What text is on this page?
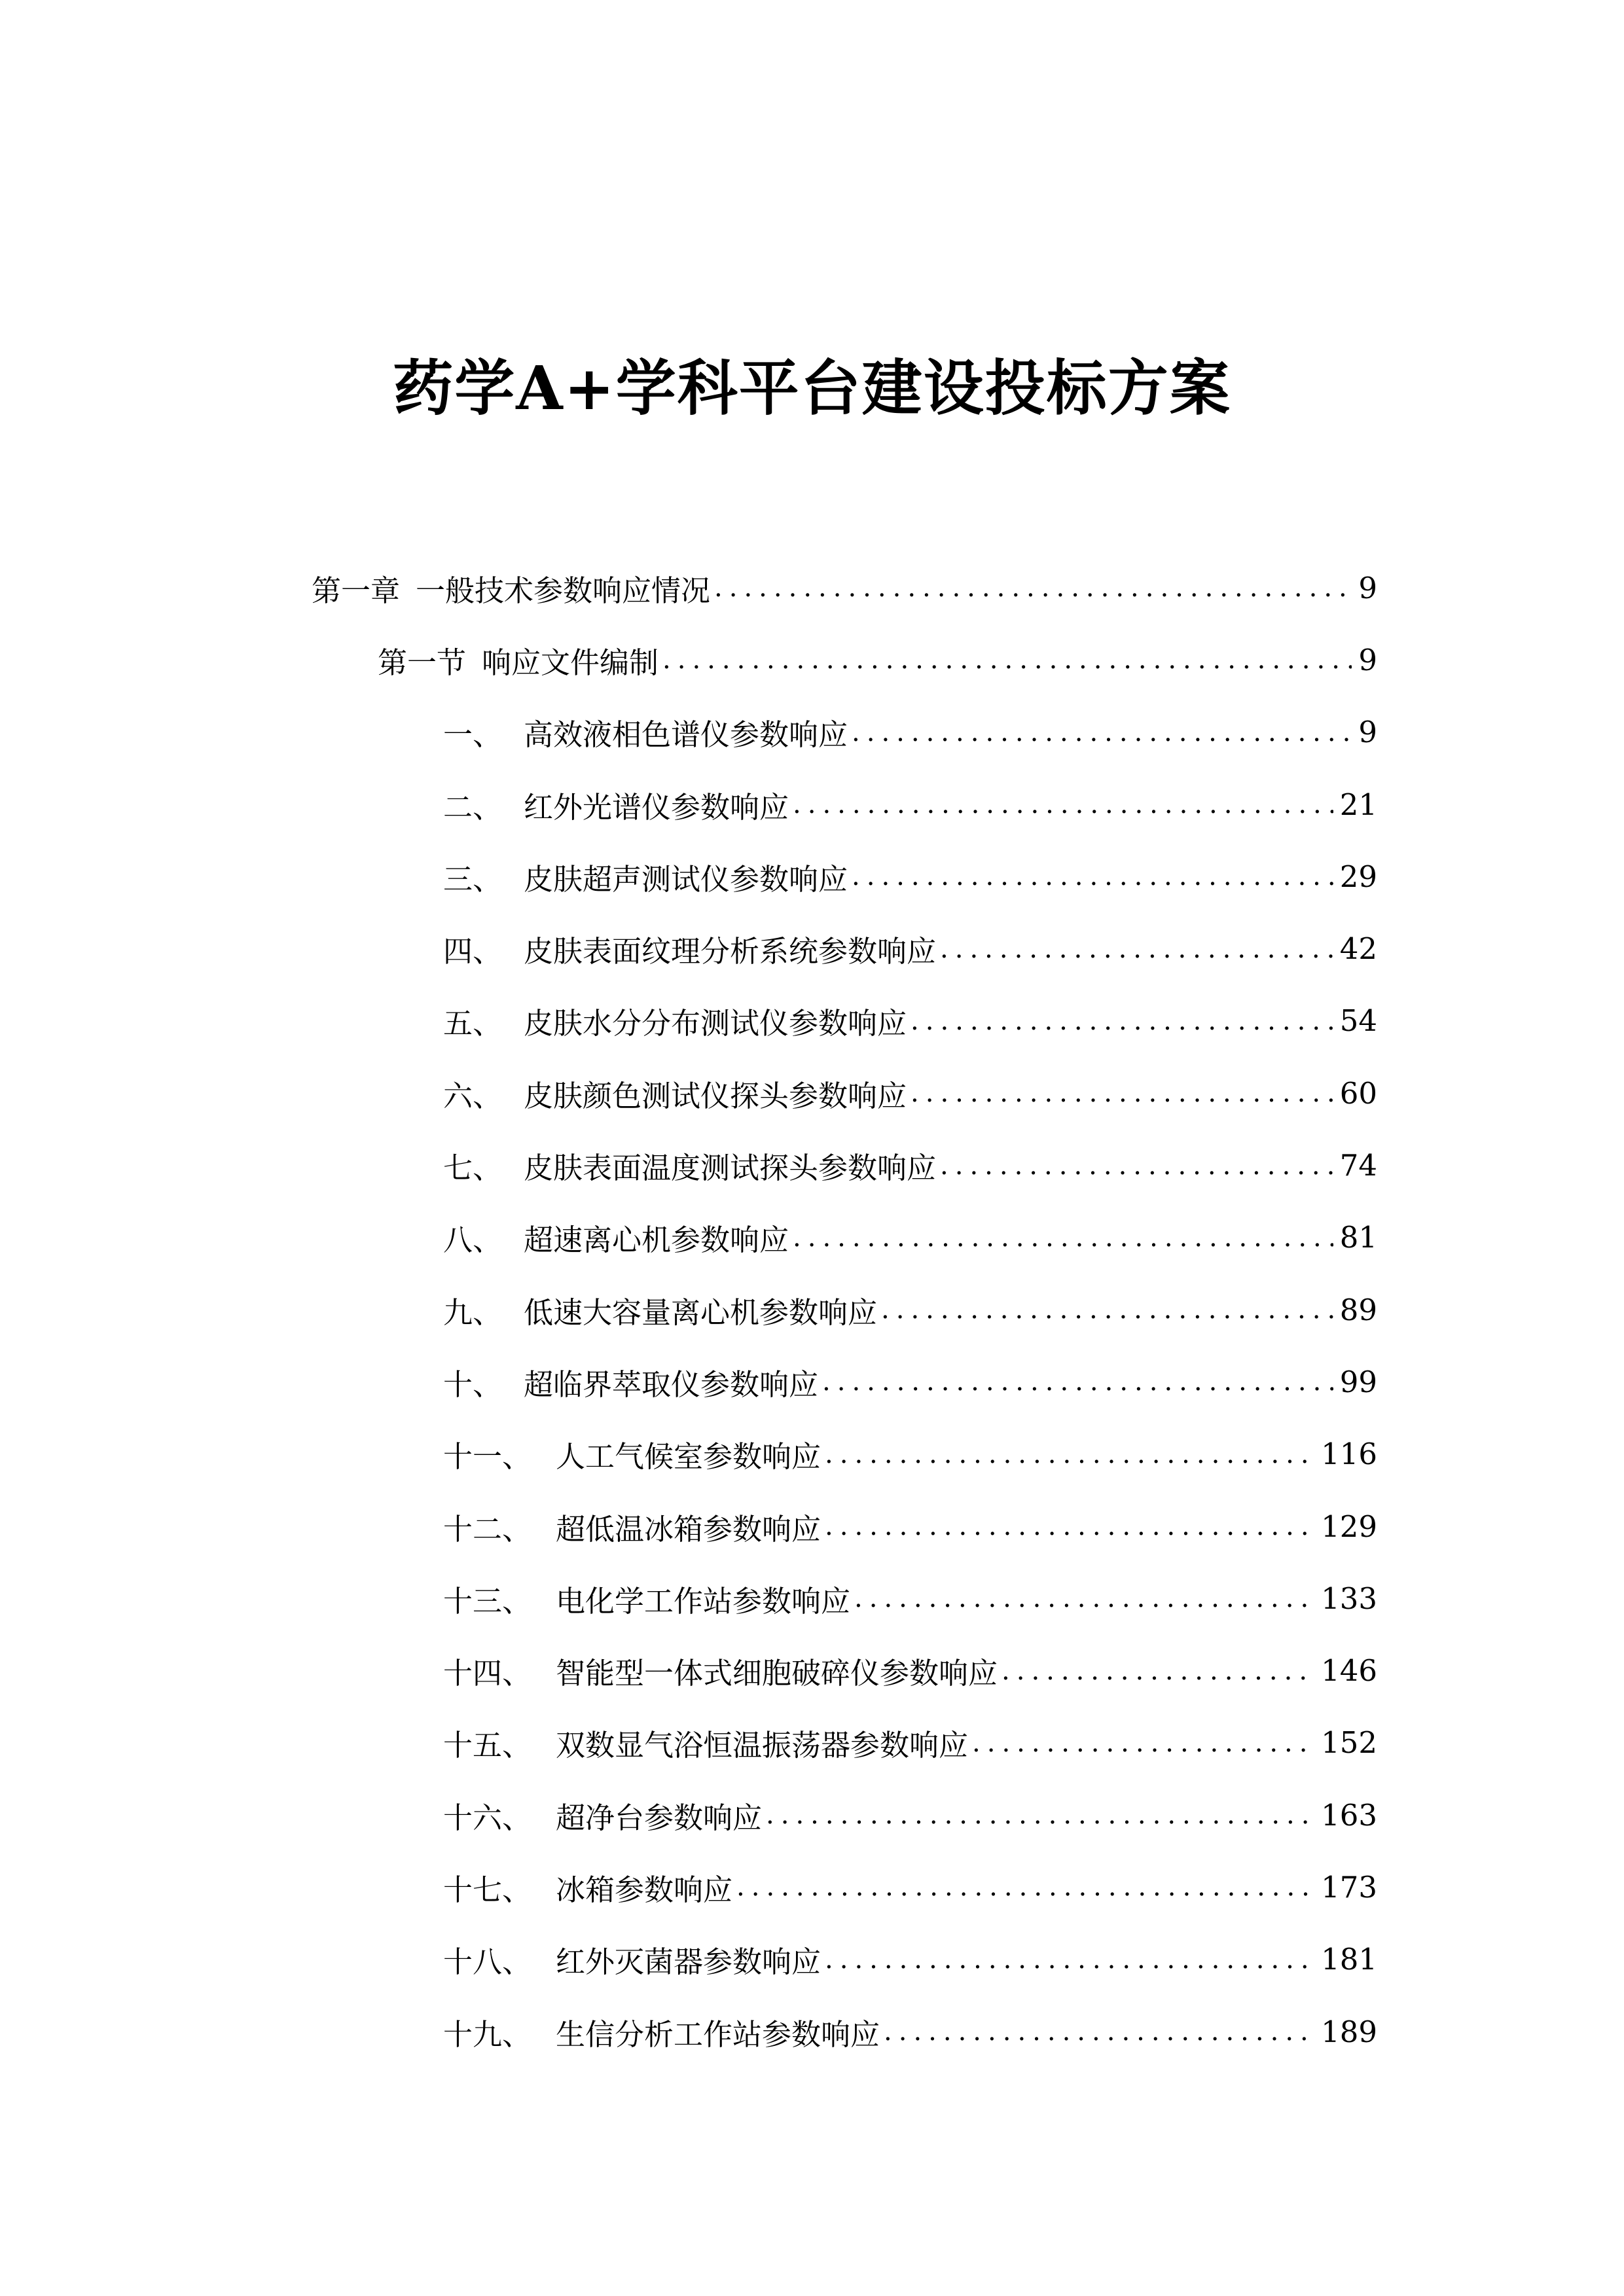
药学A+学科平台建设投标方案
第一章 一般技术参数响应情况 .....	9
第一节 响应文件编制 .....	9
一、 高效液相色谱仪参数响应 .....	9
二、 红外光谱仪参数响应 .....	21
三、 皮肤超声测试仪参数响应 .....	29
四、 皮肤表面纹理分析系统参数响应 .....	42
五、 皮肤水分分布测试仪参数响应 .....	54
六、 皮肤颜色测试仪探头参数响应 .....	60
七、 皮肤表面温度测试探头参数响应 .....	74
八、 超速离心机参数响应 .....	81
九、 低速大容量离心机参数响应 .....	89
十、 超临界萃取仪参数响应 .....	99
十一、 人工气候室参数响应 .....	116
十二、 超低温冰箱参数响应 .....	129
十三、 电化学工作站参数响应 .....	133
十四、 智能型一体式细胞破碎仪参数响应 .....	146
十五、 双数显气浴恒温振荡器参数响应 .....	152
十六、 超净台参数响应 .....	163
十七、 冰箱参数响应 .....	173
十八、 红外灭菌器参数响应 .....	181
十九、 生信分析工作站参数响应 .....	189
